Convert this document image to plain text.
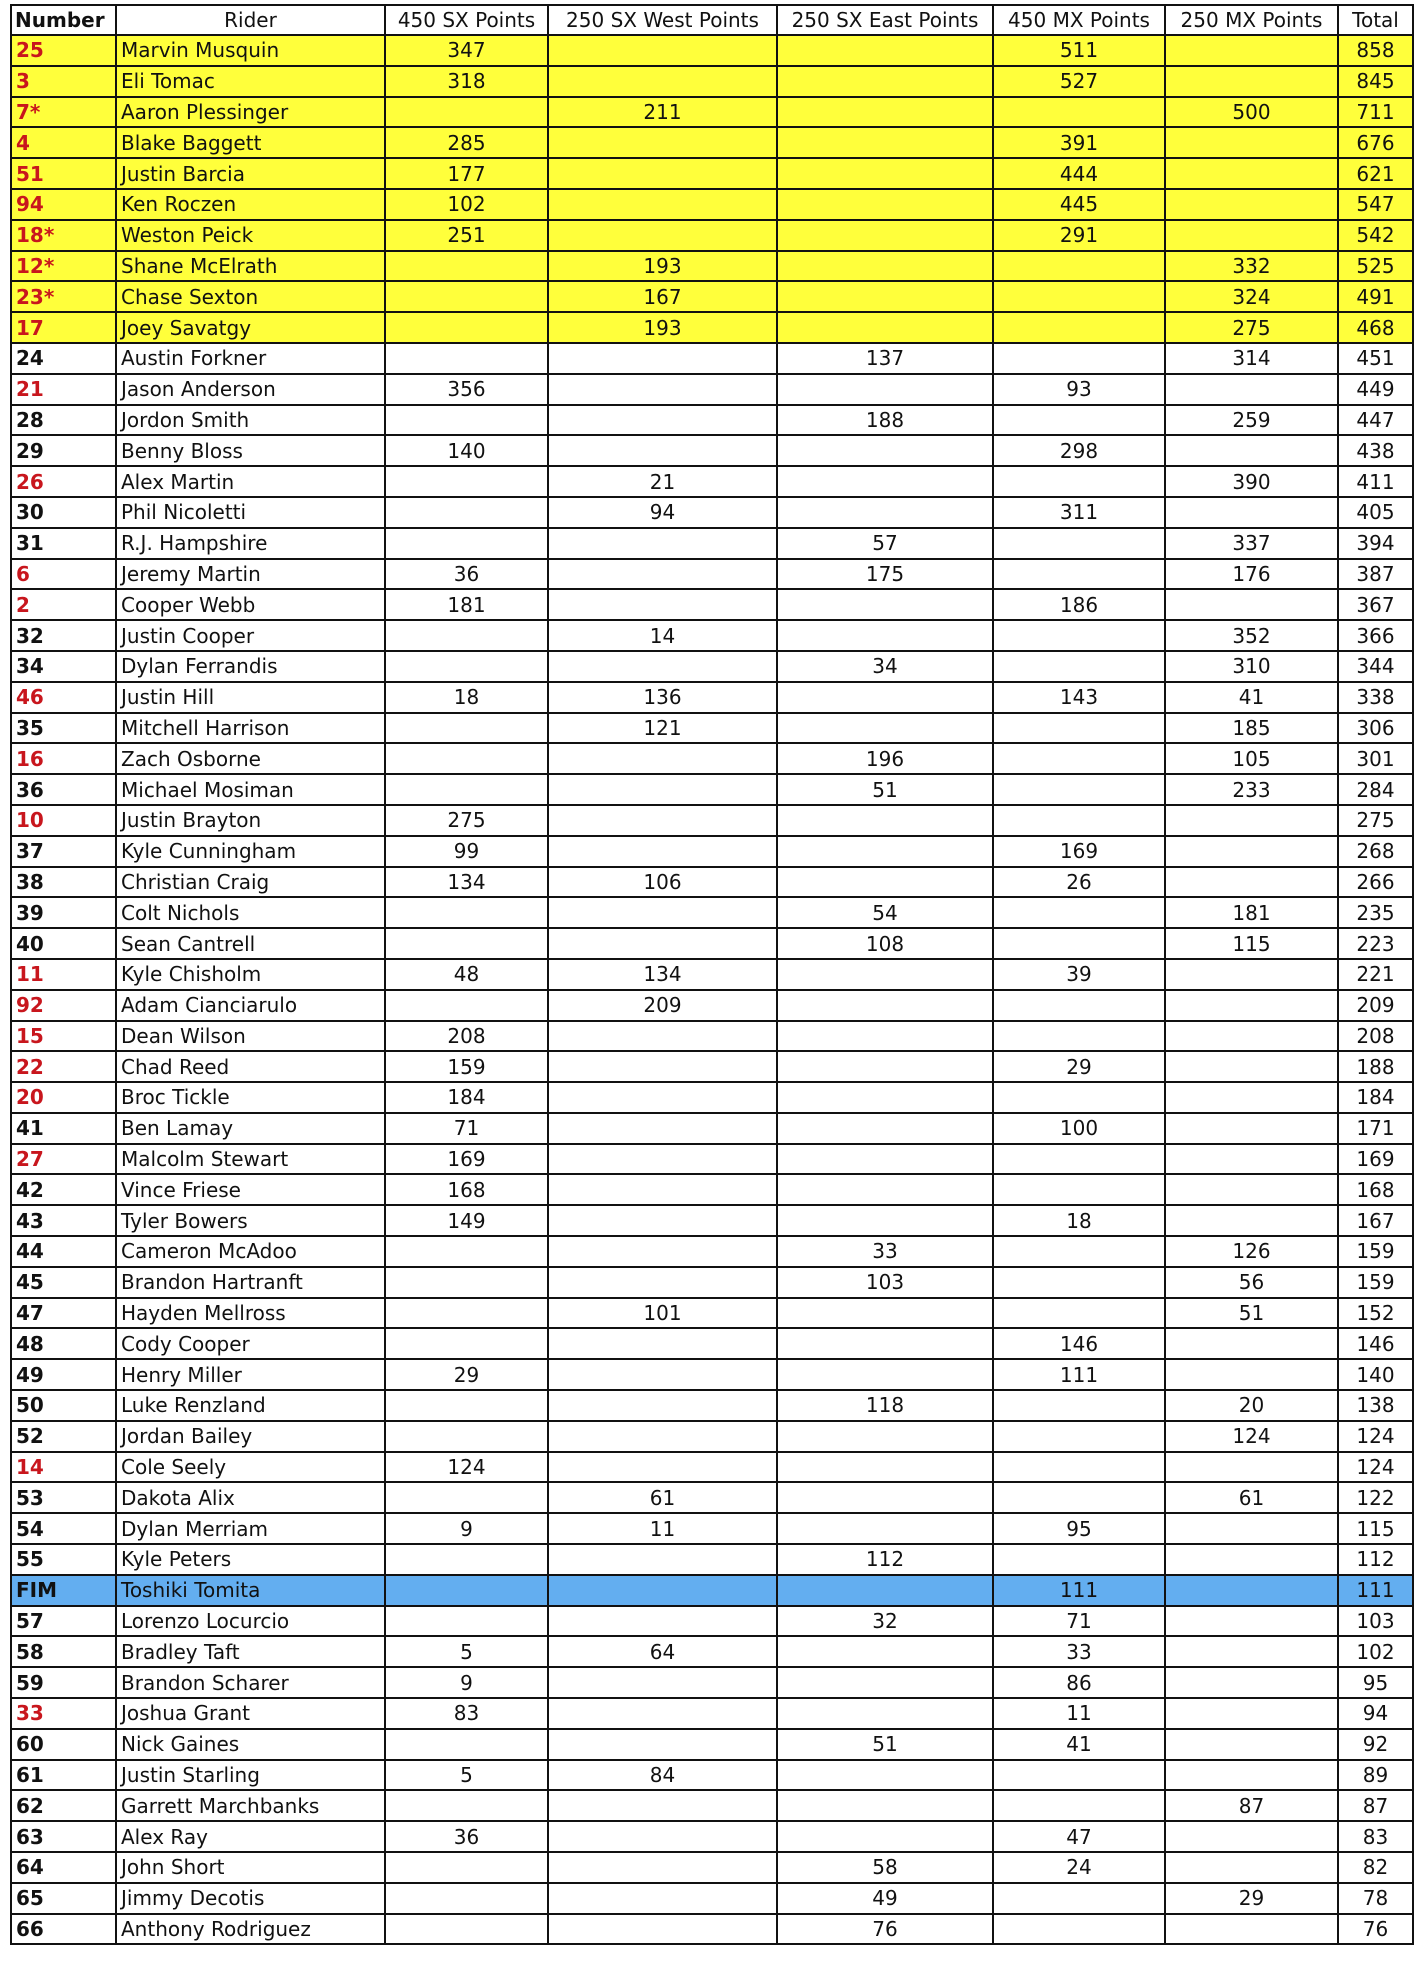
Number	Rider	450 SX Points	250 SX West Points	250 SX East Points	450 MX Points	250 MX Points	Total
25	Marvin Musquin	347			511		858
3	Eli Tomac	318			527		845
7*	Aaron Plessinger		211			500	711
4	Blake Baggett	285			391		676
51	Justin Barcia	177			444		621
94	Ken Roczen	102			445		547
18*	Weston Peick	251			291		542
12*	Shane McElrath		193			332	525
23*	Chase Sexton		167			324	491
17	Joey Savatgy		193			275	468
24	Austin Forkner			137		314	451
21	Jason Anderson	356			93		449
28	Jordon Smith			188		259	447
29	Benny Bloss	140			298		438
26	Alex Martin		21			390	411
30	Phil Nicoletti		94		311		405
31	R.J. Hampshire			57		337	394
6	Jeremy Martin	36		175		176	387
2	Cooper Webb	181			186		367
32	Justin Cooper		14			352	366
34	Dylan Ferrandis			34		310	344
46	Justin Hill	18	136		143	41	338
35	Mitchell Harrison		121			185	306
16	Zach Osborne			196		105	301
36	Michael Mosiman			51		233	284
10	Justin Brayton	275					275
37	Kyle Cunningham	99			169		268
38	Christian Craig	134	106		26		266
39	Colt Nichols			54		181	235
40	Sean Cantrell			108		115	223
11	Kyle Chisholm	48	134		39		221
92	Adam Cianciarulo		209				209
15	Dean Wilson	208					208
22	Chad Reed	159			29		188
20	Broc Tickle	184					184
41	Ben Lamay	71			100		171
27	Malcolm Stewart	169					169
42	Vince Friese	168					168
43	Tyler Bowers	149			18		167
44	Cameron McAdoo			33		126	159
45	Brandon Hartranft			103		56	159
47	Hayden Mellross		101			51	152
48	Cody Cooper				146		146
49	Henry Miller	29			111		140
50	Luke Renzland			118		20	138
52	Jordan Bailey					124	124
14	Cole Seely	124					124
53	Dakota Alix		61			61	122
54	Dylan Merriam	9	11		95		115
55	Kyle Peters			112			112
FIM	Toshiki Tomita				111		111
57	Lorenzo Locurcio			32	71		103
58	Bradley Taft	5	64		33		102
59	Brandon Scharer	9			86		95
33	Joshua Grant	83			11		94
60	Nick Gaines			51	41		92
61	Justin Starling	5	84				89
62	Garrett Marchbanks					87	87
63	Alex Ray	36			47		83
64	John Short			58	24		82
65	Jimmy Decotis			49		29	78
66	Anthony Rodriguez			76			76
